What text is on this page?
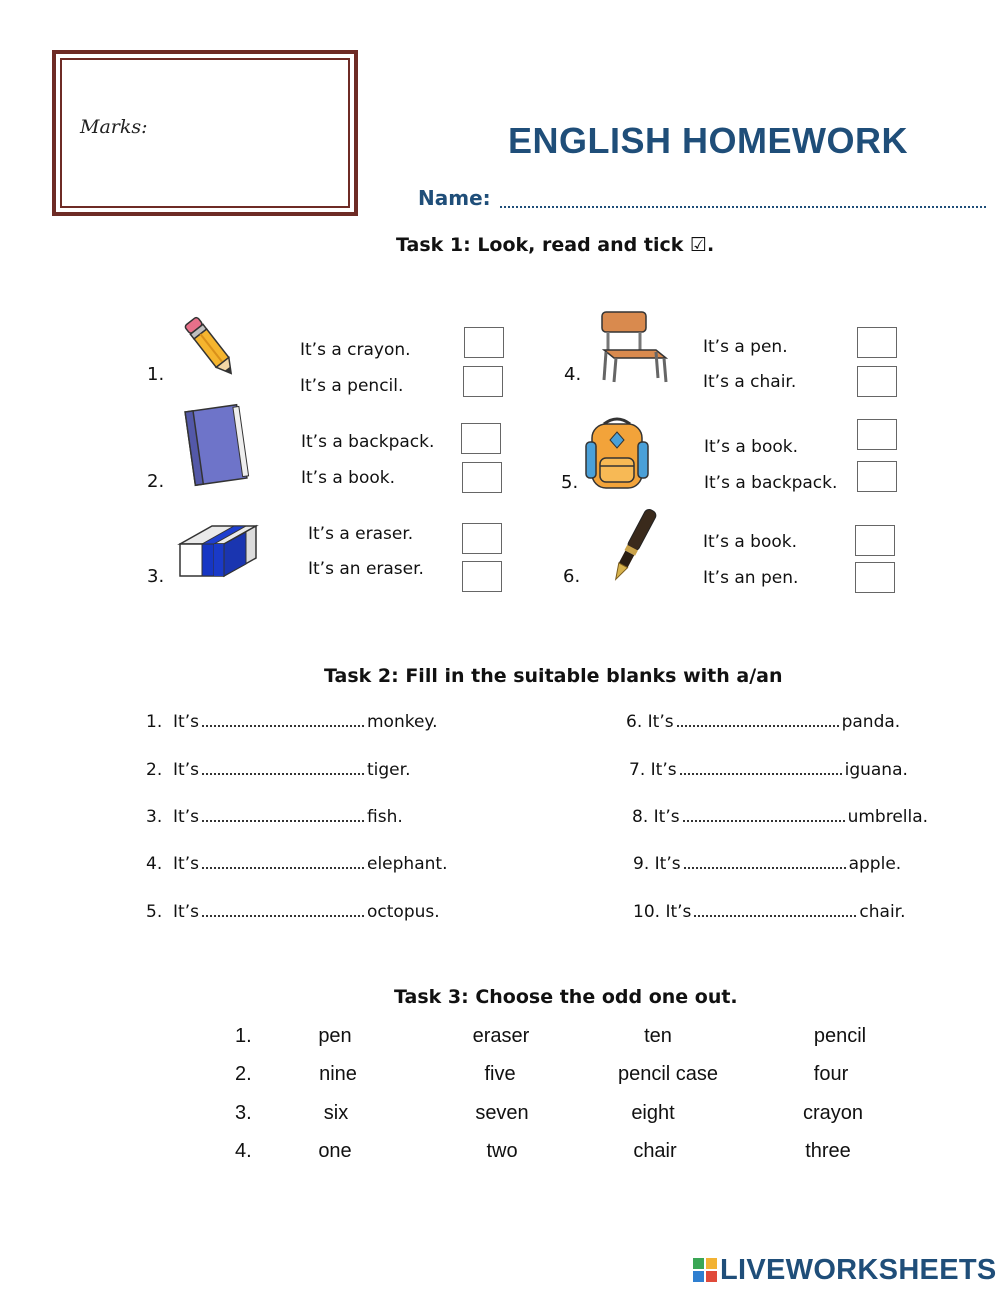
Marks:	ENGLISH HOMEWORK
Name:
Task 1: Look, read and tick ☑.
1.
It’s a crayon.
It’s a pencil.
2.
It’s a backpack.
It’s a book.
3.
It’s a eraser.
It’s an eraser.
4.
It’s a pen.
It’s a chair.
5.
It’s a book.
It’s a backpack.
6.
It’s a book.
It’s an pen.
Task 2: Fill in the suitable blanks with a/an
1. It’s	monkey.
2. It’s	tiger.
3. It’s	fish.
4. It’s	elephant.
5. It’s	octopus.
6. It’s	panda.
7. It’s	iguana.
8. It’s	umbrella.
9. It’s	apple.
10. It’s	chair.
Task 3: Choose the odd one out.
1.	pen	eraser	ten	pencil
2.	nine	five	pencil case	four
3.	six	seven	eight	crayon
4.	one	two	chair	three
LIVEWORKSHEETS
